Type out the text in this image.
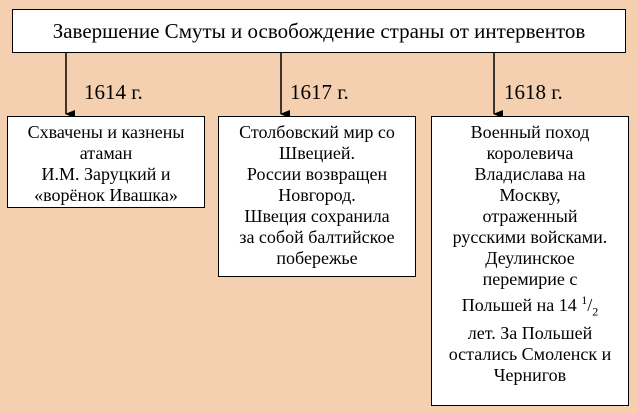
Завершение Смуты и освобождение страны от интервентов
1614 г.	1617 г.	1618 г.

Схвачены и казнены

атаман

И.М. Заруцкий и

«ворёнок Ивашка»

Столбовский мир со

Швецией.

России возвращен

Новгород.

Швеция сохранила

за собой балтийское

побережье

Военный поход

королевича

Владислава на

Москву,

отраженный

русскими войсками.

Деулинское

перемирие с

Польшей на 14 $^1/_2$

лет. За Польшей

остались Смоленск и

Чернигов
